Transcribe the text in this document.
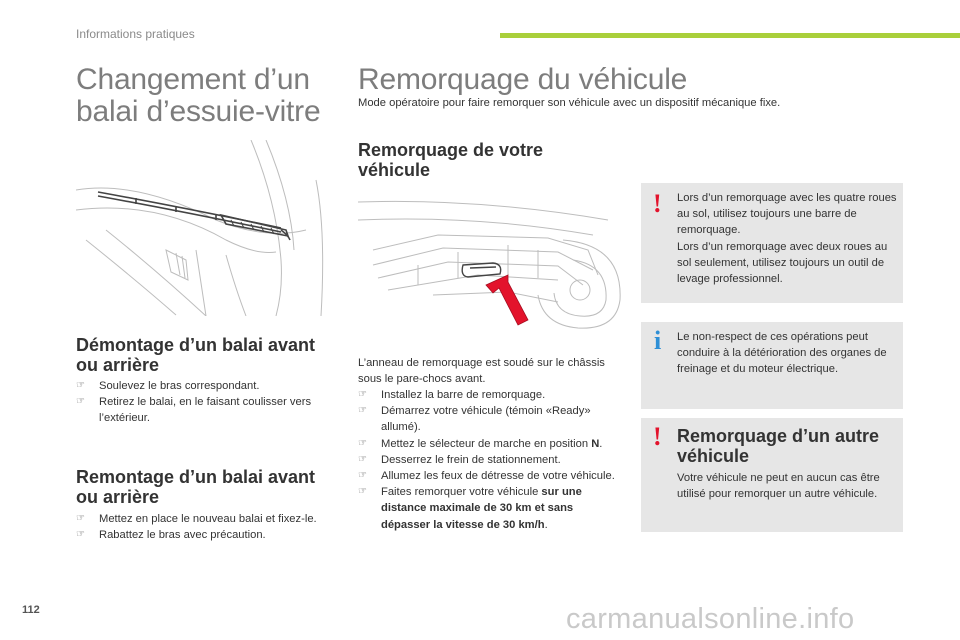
Informations pratiques
Changement d’un
balai d’essuie-vitre
Démontage d’un balai avant
ou arrière
☞ Soulevez le bras correspondant.
☞ Retirez le balai, en le faisant coulisser vers l’extérieur.
Remontage d’un balai avant
ou arrière
☞ Mettez en place le nouveau balai et fixez-le.
☞ Rabattez le bras avec précaution.
Remorquage du véhicule
Mode opératoire pour faire remorquer son véhicule avec un dispositif mécanique fixe.
Remorquage de votre
véhicule
L’anneau de remorquage est soudé sur le châssis sous le pare-chocs avant.
☞ Installez la barre de remorquage.
☞ Démarrez votre véhicule (témoin «Ready» allumé).
☞ Mettez le sélecteur de marche en position N.
☞ Desserrez le frein de stationnement.
☞ Allumez les feux de détresse de votre véhicule.
☞ Faites remorquer votre véhicule sur une distance maximale de 30 km et sans dépasser la vitesse de 30 km/h.
! Lors d’un remorquage avec les quatre roues au sol, utilisez toujours une barre de remorquage.
Lors d’un remorquage avec deux roues au sol seulement, utilisez toujours un outil de levage professionnel.
i Le non-respect de ces opérations peut conduire à la détérioration des organes de freinage et du moteur électrique.
! Remorquage d’un autre
véhicule
Votre véhicule ne peut en aucun cas être utilisé pour remorquer un autre véhicule.
112	carmanualsonline.info
